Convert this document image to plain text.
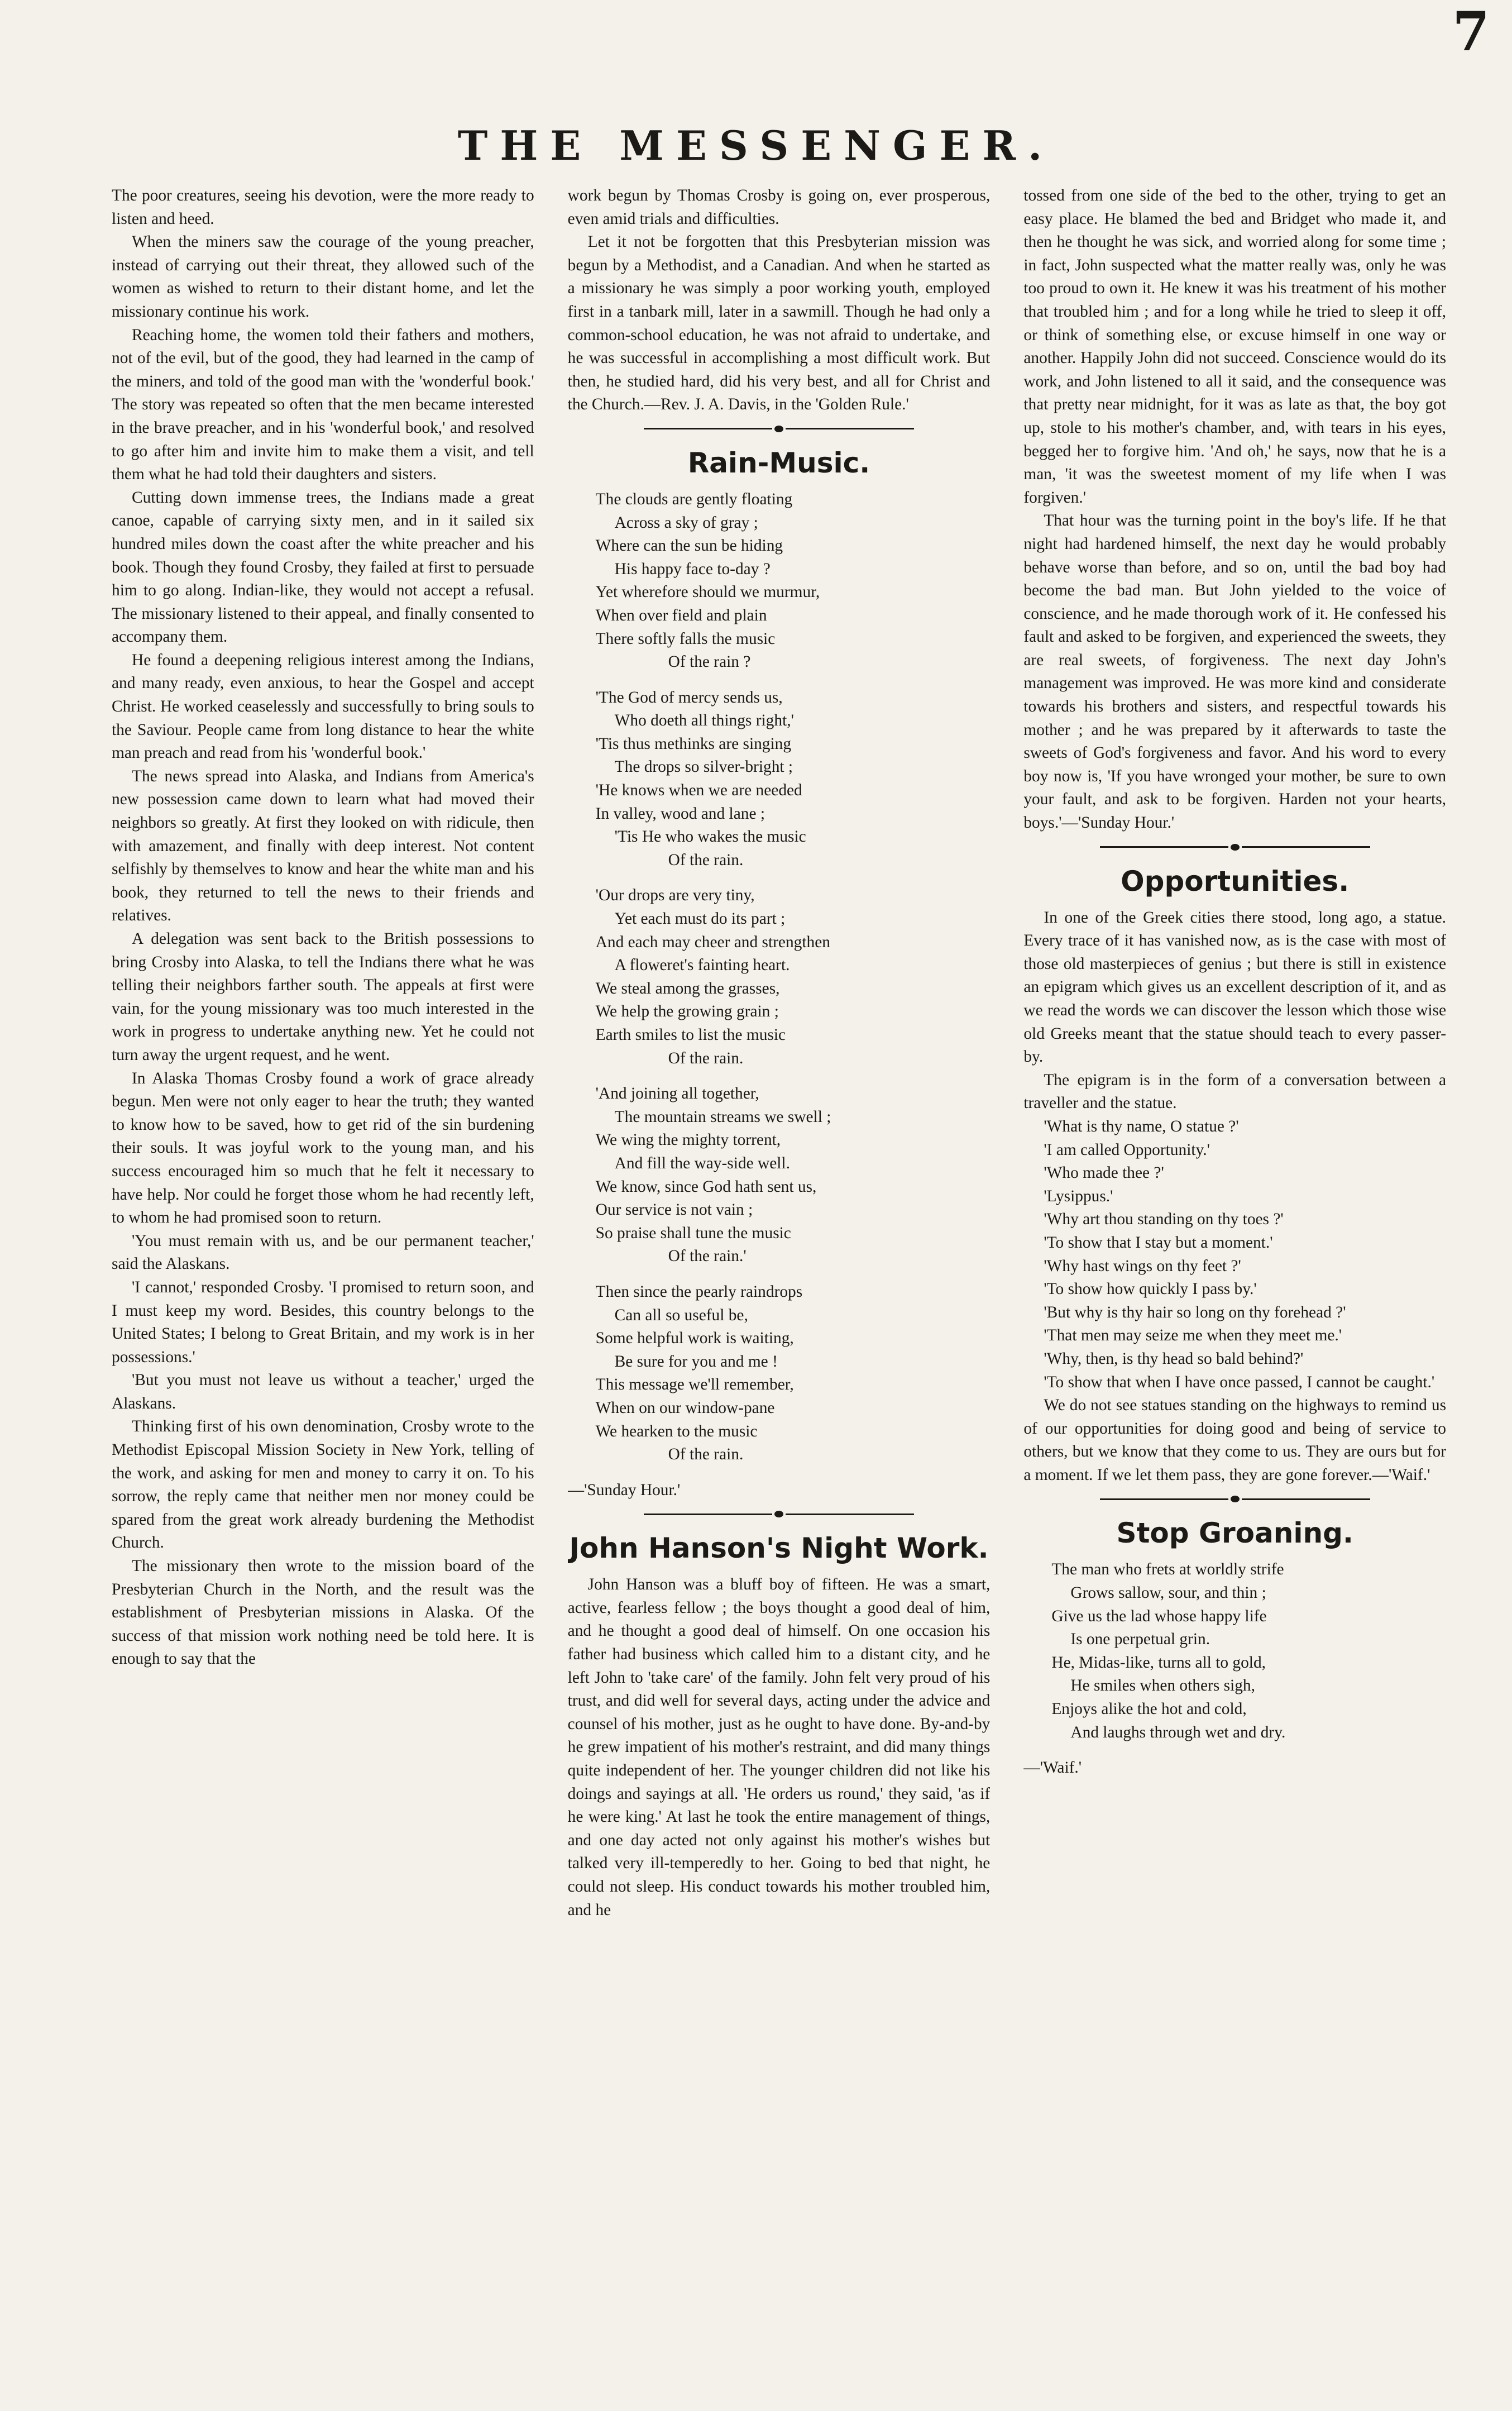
7
THE MESSENGER.

The poor creatures, seeing his devotion, were the more ready to listen and heed.

When the miners saw the courage of the young preacher, instead of carrying out their threat, they allowed such of the women as wished to return to their distant home, and let the missionary continue his work.

Reaching home, the women told their fathers and mothers, not of the evil, but of the good, they had learned in the camp of the miners, and told of the good man with the 'wonderful book.' The story was repeated so often that the men became interested in the brave preacher, and in his 'wonderful book,' and resolved to go after him and invite him to make them a visit, and tell them what he had told their daughters and sisters.

Cutting down immense trees, the Indians made a great canoe, capable of carrying sixty men, and in it sailed six hundred miles down the coast after the white preacher and his book. Though they found Crosby, they failed at first to persuade him to go along. Indian-like, they would not accept a refusal. The missionary listened to their appeal, and finally consented to accompany them.

He found a deepening religious interest among the Indians, and many ready, even anxious, to hear the Gospel and accept Christ. He worked ceaselessly and successfully to bring souls to the Saviour. People came from long distance to hear the white man preach and read from his 'wonderful book.'

The news spread into Alaska, and Indians from America's new possession came down to learn what had moved their neighbors so greatly. At first they looked on with ridicule, then with amazement, and finally with deep interest. Not content selfishly by themselves to know and hear the white man and his book, they returned to tell the news to their friends and relatives.

A delegation was sent back to the British possessions to bring Crosby into Alaska, to tell the Indians there what he was telling their neighbors farther south. The appeals at first were vain, for the young missionary was too much interested in the work in progress to undertake anything new. Yet he could not turn away the urgent request, and he went.

In Alaska Thomas Crosby found a work of grace already begun. Men were not only eager to hear the truth; they wanted to know how to be saved, how to get rid of the sin burdening their souls. It was joyful work to the young man, and his success encouraged him so much that he felt it necessary to have help. Nor could he forget those whom he had recently left, to whom he had promised soon to return.

'You must remain with us, and be our permanent teacher,' said the Alaskans.

'I cannot,' responded Crosby. 'I promised to return soon, and I must keep my word. Besides, this country belongs to the United States; I belong to Great Britain, and my work is in her possessions.'

'But you must not leave us without a teacher,' urged the Alaskans.

Thinking first of his own denomination, Crosby wrote to the Methodist Episcopal Mission Society in New York, telling of the work, and asking for men and money to carry it on. To his sorrow, the reply came that neither men nor money could be spared from the great work already burdening the Methodist Church.

The missionary then wrote to the mission board of the Presbyterian Church in the North, and the result was the establishment of Presbyterian missions in Alaska. Of the success of that mission work nothing need be told here. It is enough to say that the

work begun by Thomas Crosby is going on, ever prosperous, even amid trials and difficulties.

Let it not be forgotten that this Presbyterian mission was begun by a Methodist, and a Canadian. And when he started as a missionary he was simply a poor working youth, employed first in a tanbark mill, later in a sawmill. Though he had only a common-school education, he was not afraid to undertake, and he was successful in accomplishing a most difficult work. But then, he studied hard, did his very best, and all for Christ and the Church.—Rev. J. A. Davis, in the 'Golden Rule.'

Rain-Music.
The clouds are gently floating
Across a sky of gray ;
Where can the sun be hiding
His happy face to-day ?
Yet wherefore should we murmur,
When over field and plain
There softly falls the music
Of the rain ?
'The God of mercy sends us,
Who doeth all things right,'
'Tis thus methinks are singing
The drops so silver-bright ;
'He knows when we are needed
In valley, wood and lane ;
'Tis He who wakes the music
Of the rain.
'Our drops are very tiny,
Yet each must do its part ;
And each may cheer and strengthen
A floweret's fainting heart.
We steal among the grasses,
We help the growing grain ;
Earth smiles to list the music
Of the rain.
'And joining all together,
The mountain streams we swell ;
We wing the mighty torrent,
And fill the way-side well.
We know, since God hath sent us,
Our service is not vain ;
So praise shall tune the music
Of the rain.'
Then since the pearly raindrops
Can all so useful be,
Some helpful work is waiting,
Be sure for you and me !
This message we'll remember,
When on our window-pane
We hearken to the music
Of the rain.

—'Sunday Hour.'

John Hanson's Night Work.

John Hanson was a bluff boy of fifteen. He was a smart, active, fearless fellow ; the boys thought a good deal of him, and he thought a good deal of himself. On one occasion his father had business which called him to a distant city, and he left John to 'take care' of the family. John felt very proud of his trust, and did well for several days, acting under the advice and counsel of his mother, just as he ought to have done. By-and-by he grew impatient of his mother's restraint, and did many things quite independent of her. The younger children did not like his doings and sayings at all. 'He orders us round,' they said, 'as if he were king.' At last he took the entire management of things, and one day acted not only against his mother's wishes but talked very ill-temperedly to her. Going to bed that night, he could not sleep. His conduct towards his mother troubled him, and he

tossed from one side of the bed to the other, trying to get an easy place. He blamed the bed and Bridget who made it, and then he thought he was sick, and worried along for some time ; in fact, John suspected what the matter really was, only he was too proud to own it. He knew it was his treatment of his mother that troubled him ; and for a long while he tried to sleep it off, or think of something else, or excuse himself in one way or another. Happily John did not succeed. Conscience would do its work, and John listened to all it said, and the consequence was that pretty near midnight, for it was as late as that, the boy got up, stole to his mother's chamber, and, with tears in his eyes, begged her to forgive him. 'And oh,' he says, now that he is a man, 'it was the sweetest moment of my life when I was forgiven.'

That hour was the turning point in the boy's life. If he that night had hardened himself, the next day he would probably behave worse than before, and so on, until the bad boy had become the bad man. But John yielded to the voice of conscience, and he made thorough work of it. He confessed his fault and asked to be forgiven, and experienced the sweets, they are real sweets, of forgiveness. The next day John's management was improved. He was more kind and considerate towards his brothers and sisters, and respectful towards his mother ; and he was prepared by it afterwards to taste the sweets of God's forgiveness and favor. And his word to every boy now is, 'If you have wronged your mother, be sure to own your fault, and ask to be forgiven. Harden not your hearts, boys.'—'Sunday Hour.'

Opportunities.

In one of the Greek cities there stood, long ago, a statue. Every trace of it has vanished now, as is the case with most of those old masterpieces of genius ; but there is still in existence an epigram which gives us an excellent description of it, and as we read the words we can discover the lesson which those wise old Greeks meant that the statue should teach to every passer-by.

The epigram is in the form of a conversation between a traveller and the statue.

'What is thy name, O statue ?'

'I am called Opportunity.'

'Who made thee ?'

'Lysippus.'

'Why art thou standing on thy toes ?'

'To show that I stay but a moment.'

'Why hast wings on thy feet ?'

'To show how quickly I pass by.'

'But why is thy hair so long on thy forehead ?'

'That men may seize me when they meet me.'

'Why, then, is thy head so bald behind?'

'To show that when I have once passed, I cannot be caught.'

We do not see statues standing on the highways to remind us of our opportunities for doing good and being of service to others, but we know that they come to us. They are ours but for a moment. If we let them pass, they are gone forever.—'Waif.'

Stop Groaning.
The man who frets at worldly strife
Grows sallow, sour, and thin ;
Give us the lad whose happy life
Is one perpetual grin.
He, Midas-like, turns all to gold,
He smiles when others sigh,
Enjoys alike the hot and cold,
And laughs through wet and dry.

—'Waif.'
